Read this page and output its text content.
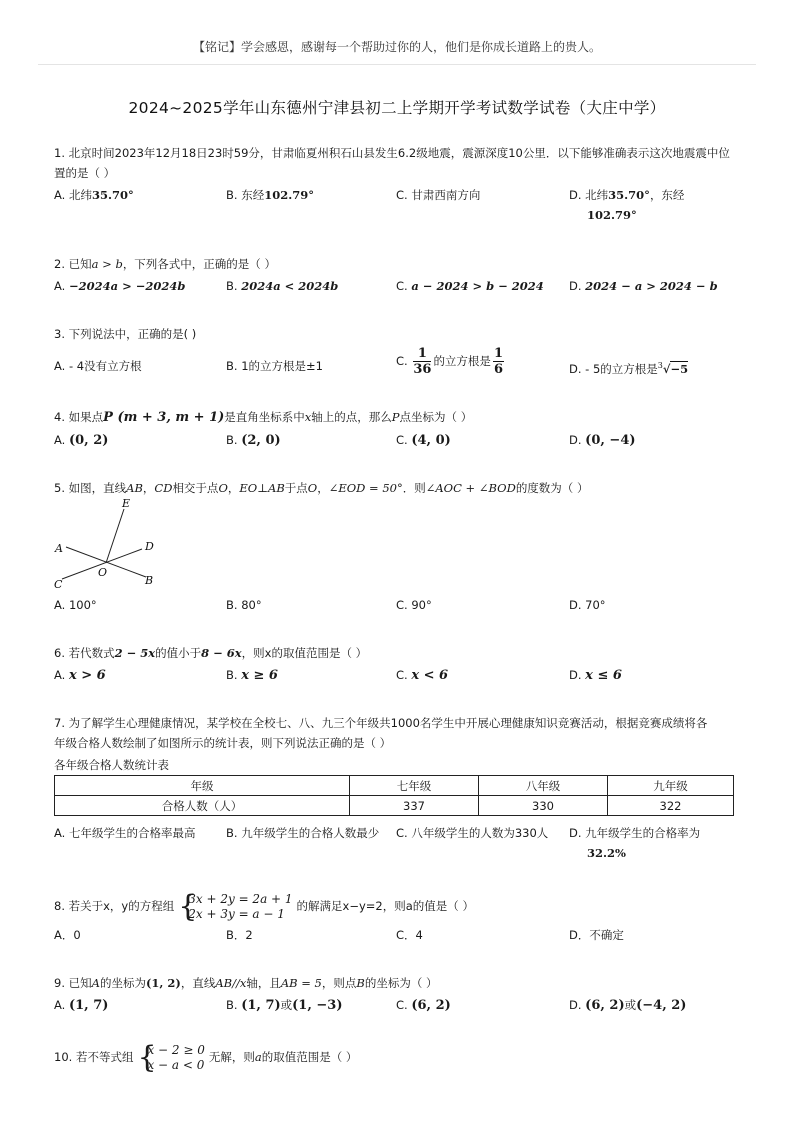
【铭记】学会感恩，感谢每一个帮助过你的人，他们是你成长道路上的贵人。
2024~2025学年山东德州宁津县初二上学期开学考试数学试卷（大庄中学）
1. 北京时间2023年12月18日23时59分，甘肃临夏州积石山县发生6.2级地震，震源深度10公里．以下能够准确表示这次地震震中位
置的是（ ）
A. 北纬35.70°	B. 东经102.79°	C. 甘肃西南方向	D. 北纬35.70°，东经
102.79°
2. 已知a > b，下列各式中，正确的是（ ）
A. −2024a > −2024b	B. 2024a < 2024b	C. a − 2024 > b − 2024 D. 2024 − a > 2024 − b
3. 下列说法中，正确的是( )
A. - 4没有立方根	B. 1的立方根是±1	C. $\frac{1}{36}$ 的立方根是 $\frac{1}{6}$	D. - 5的立方根是$^3$√−5
4. 如果点P (m + 3, m + 1)是直角坐标系中x轴上的点，那么P点坐标为（ ）
A. (0, 2)	B. (2, 0)	C. (4, 0)	D. (0, −4)
5. 如图，直线AB，CD相交于点O，EO⊥AB于点O，∠EOD = 50°．则∠AOC + ∠BOD的度数为（ ）
E
A	D
O
C	B
A. 100°	B. 80°	C. 90°	D. 70°
6. 若代数式2 − 5x的值小于8 − 6x，则x的取值范围是（ ）
A. x > 6	B. x ≥ 6	C. x < 6	D. x ≤ 6
7. 为了解学生心理健康情况，某学校在全校七、八、九三个年级共1000名学生中开展心理健康知识竞赛活动，根据竞赛成绩将各
年级合格人数绘制了如图所示的统计表，则下列说法正确的是（ ）
各年级合格人数统计表
年级	七年级	八年级	九年级
合格人数（人）	337	330	322
A. 七年级学生的合格率最高	B. 九年级学生的合格人数最少 C. 八年级学生的人数为330人 D. 九年级学生的合格率为
32.2%
8. 若关于x，y的方程组 {
3x + 2y = 2a + 1
2x + 3y = a − 1
的解满足x−y=2，则a的值是（ ）
A．0	B．2	C．4	D．不确定
9. 已知A的坐标为(1, 2)，直线AB//x轴，且AB = 5，则点B的坐标为（ ）
A. (1, 7)	B. (1, 7)或(1, −3)	C. (6, 2)	D. (6, 2)或(−4, 2)
10. 若不等式组 {
x − 2 ≥ 0
x − a < 0
无解，则a的取值范围是（ ）
